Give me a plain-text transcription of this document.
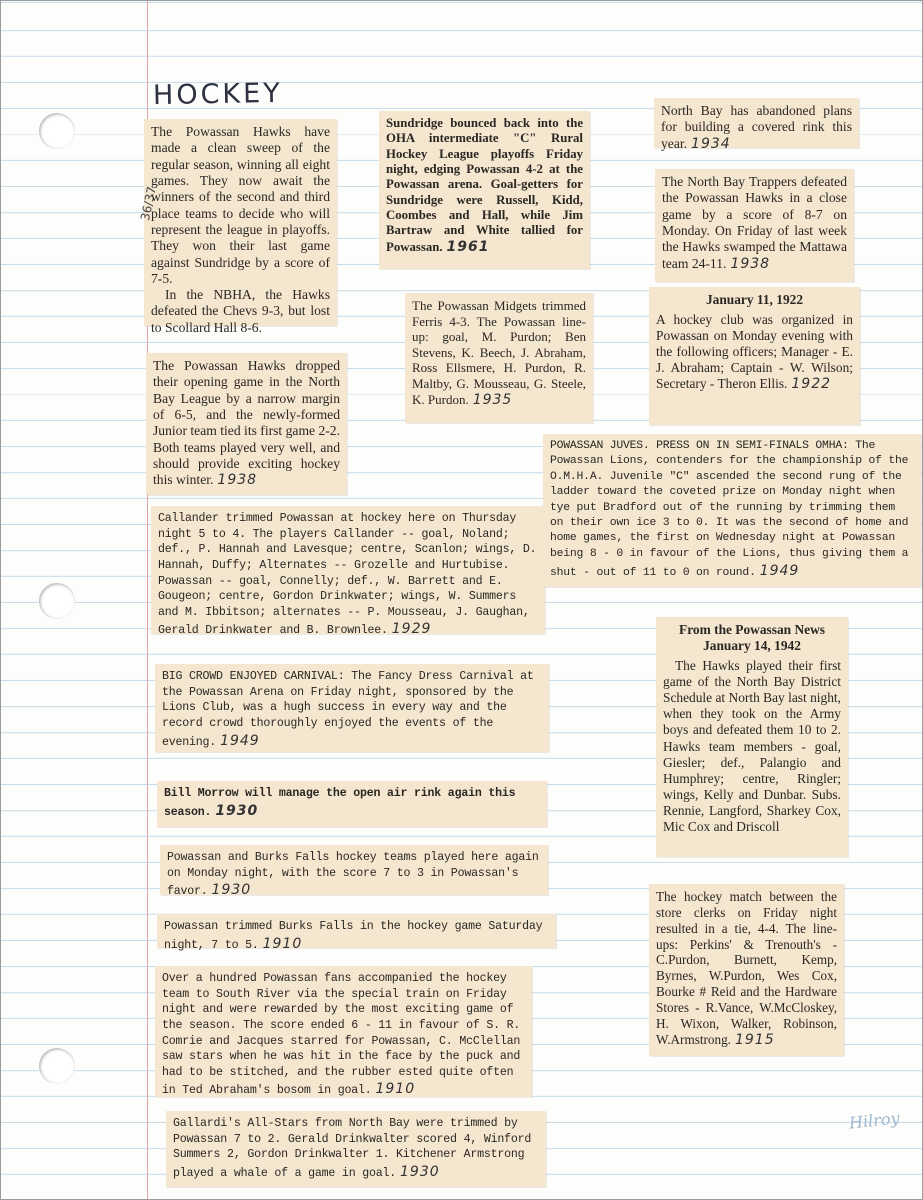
HOCKEY

The Powassan Hawks have made a clean sweep of the regular season, winning all eight games. They now await the winners of the second and third place teams to decide who will represent the league in playoffs. They won their last game against Sundridge by a score of 7-5.

In the NBHA, the Hawks defeated the Chevs 9-3, but lost to Scollard Hall 8-6.

36/37
The Powassan Hawks dropped their opening game in the North Bay League by a narrow margin of 6-5, and the newly-formed Junior team tied its first game 2-2. Both teams played very well, and should provide exciting hockey this winter. 1938
Callander trimmed Powassan at hockey here on Thursday night 5 to 4. The players Callander -- goal, Noland; def., P. Hannah and Lavesque; centre, Scanlon; wings, D. Hannah, Duffy; Alternates -- Grozelle and Hurtubise. Powassan -- goal, Connelly; def., W. Barrett and E. Gougeon; centre, Gordon Drinkwater; wings, W. Summers and M. Ibbitson; alternates -- P. Mousseau, J. Gaughan, Gerald Drinkwater and B. Brownlee. 1929
BIG CROWD ENJOYED CARNIVAL: The Fancy Dress Carnival at the Powassan Arena on Friday night, sponsored by the Lions Club, was a hugh success in every way and the record crowd thoroughly enjoyed the events of the evening. 1949
Bill Morrow will manage the open air rink again this season. 1930
Powassan and Burks Falls hockey teams played here again on Monday night, with the score 7 to 3 in Powassan's favor. 1930
Powassan trimmed Burks Falls in the hockey game Saturday night, 7 to 5. 1910
Over a hundred Powassan fans accompanied the hockey team to South River via the special train on Friday night and were rewarded by the most exciting game of the season. The score ended 6 - 11 in favour of S. R. Comrie and Jacques starred for Powassan, C. McClellan saw stars when he was hit in the face by the puck and had to be stitched, and the rubber ested quite often in Ted Abraham's bosom in goal. 1910
Gallardi's All-Stars from North Bay were trimmed by Powassan 7 to 2. Gerald Drinkwalter scored 4, Winford Summers 2, Gordon Drinkwalter 1. Kitchener Armstrong played a whale of a game in goal. 1930
Sundridge bounced back into the OHA intermediate "C" Rural Hockey League playoffs Friday night, edging Powassan 4-2 at the Powassan arena. Goal-getters for Sundridge were Russell, Kidd, Coombes and Hall, while Jim Bartraw and White tallied for Powassan. 1961
The Powassan Midgets trimmed Ferris 4-3. The Powassan line-up: goal, M. Purdon; Ben Stevens, K. Beech, J. Abraham, Ross Ellsmere, H. Purdon, R. Maltby, G. Mousseau, G. Steele, K. Purdon. 1935
North Bay has abandoned plans for building a covered rink this year. 1934
The North Bay Trappers defeated the Powassan Hawks in a close game by a score of 8-7 on Monday. On Friday of last week the Hawks swamped the Mattawa team 24-11. 1938

January 11, 1922

A hockey club was organized in Powassan on Monday evening with the following officers; Manager - E. J. Abraham; Captain - W. Wilson; Secretary - Theron Ellis. 1922
POWASSAN JUVES. PRESS ON IN SEMI-FINALS OMHA: The Powassan Lions, contenders for the championship of the O.M.H.A. Juvenile "C" ascended the second rung of the ladder toward the coveted prize on Monday night when tye put Bradford out of the running by trimming them on their own ice 3 to 0. It was the second of home and home games, the first on Wednesday night at Powassan being 8 - 0 in favour of the Lions, thus giving them a shut - out of 11 to 0 on round. 1949

From the Powassan News

January 14, 1942

The Hawks played their first game of the North Bay District Schedule at North Bay last night, when they took on the Army boys and defeated them 10 to 2. Hawks team members - goal, Giesler; def., Palangio and Humphrey; centre, Ringler; wings, Kelly and Dunbar. Subs. Rennie, Langford, Sharkey Cox, Mic Cox and Driscoll

The hockey match between the store clerks on Friday night resulted in a tie, 4-4. The line-ups: Perkins' & Trenouth's - C.Purdon, Burnett, Kemp, Byrnes, W.Purdon, Wes Cox, Bourke # Reid and the Hardware Stores - R.Vance, W.McCloskey, H. Wixon, Walker, Robinson, W.Armstrong. 1915
Hilroy
